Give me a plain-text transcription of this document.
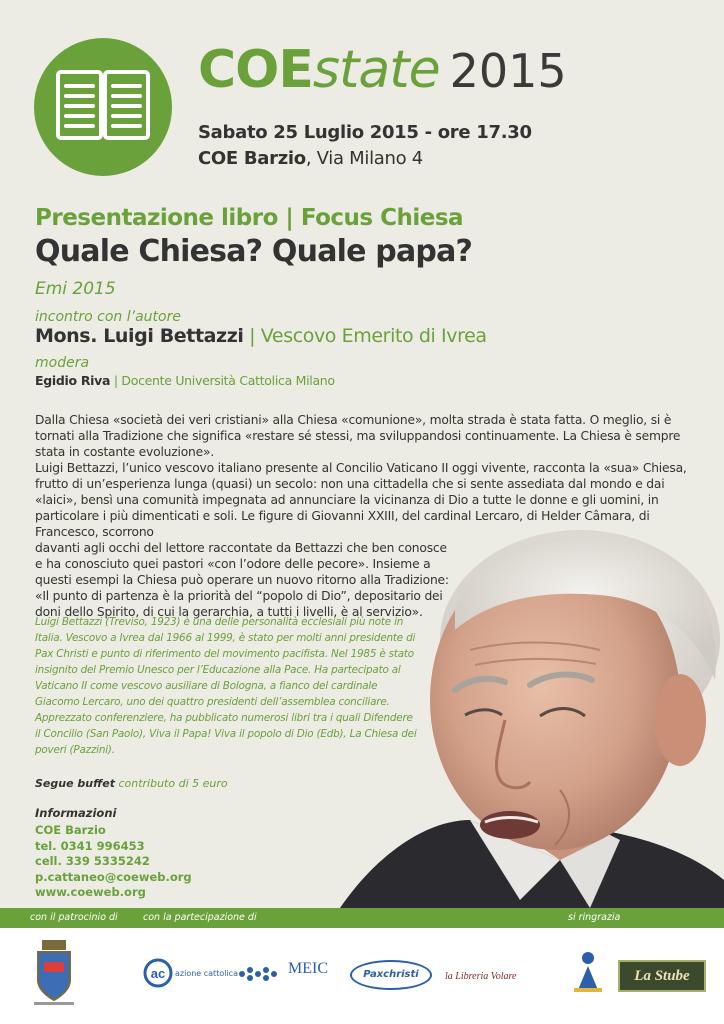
COEstate 2015
Sabato 25 Luglio 2015 - ore 17.30
COE Barzio, Via Milano 4
Presentazione libro | Focus Chiesa
Quale Chiesa? Quale papa?
Emi 2015
incontro con l’autore
Mons. Luigi Bettazzi | Vescovo Emerito di Ivrea
modera
Egidio Riva | Docente Università Cattolica Milano

Dalla Chiesa «società dei veri cristiani» alla Chiesa «comunione», molta strada è stata fatta. O meglio, si è tornati alla Tradizione che significa «restare sé stessi, ma sviluppandosi continuamente. La Chiesa è sempre stata in costante evoluzione».

Luigi Bettazzi, l’unico vescovo italiano presente al Concilio Vaticano II oggi vivente, racconta la «sua» Chiesa, frutto di un’esperienza lunga (quasi) un secolo: non una cittadella che si sente assediata dal mondo e dai «laici», bensì una comunità impegnata ad annunciare la vicinanza di Dio a tutte le donne e gli uomini, in particolare i più dimenticati e soli. Le figure di Giovanni XXIII, del cardinal Lercaro, di Helder Câmara, di Francesco, scorrono

davanti agli occhi del lettore raccontate da Bettazzi che ben conosce e ha conosciuto quei pastori «con l’odore delle pecore». Insieme a questi esempi la Chiesa può operare un nuovo ritorno alla Tradizione: «Il punto di partenza è la priorità del “popolo di Dio”, depositario dei doni dello Spirito, di cui la gerarchia, a tutti i livelli, è al servizio».

Luigi Bettazzi (Treviso, 1923) è una delle personalità ecclesiali più note in Italia. Vescovo a Ivrea dal 1966 al 1999, è stato per molti anni presidente di Pax Christi e punto di riferimento del movimento pacifista. Nel 1985 è stato insignito del Premio Unesco per l’Educazione alla Pace. Ha partecipato al Vaticano II come vescovo ausiliare di Bologna, a fianco del cardinale Giacomo Lercaro, uno dei quattro presidenti dell’assemblea conciliare. Apprezzato conferenziere, ha pubblicato numerosi libri tra i quali Difendere il Concilio (San Paolo), Viva il Papa! Viva il popolo di Dio (Edb), La Chiesa dei poveri (Pazzini).

Segue buffet contributo di 5 euro
Informazioni
COE Barzio
tel. 0341 996453
cell. 339 5335242
p.cattaneo@coeweb.org
www.coeweb.org
con il patrocinio di	con la partecipazione di	si ringrazia
ac azione cattolica	MEIC	Paxchristi	la Libreria Volare	La Stube
